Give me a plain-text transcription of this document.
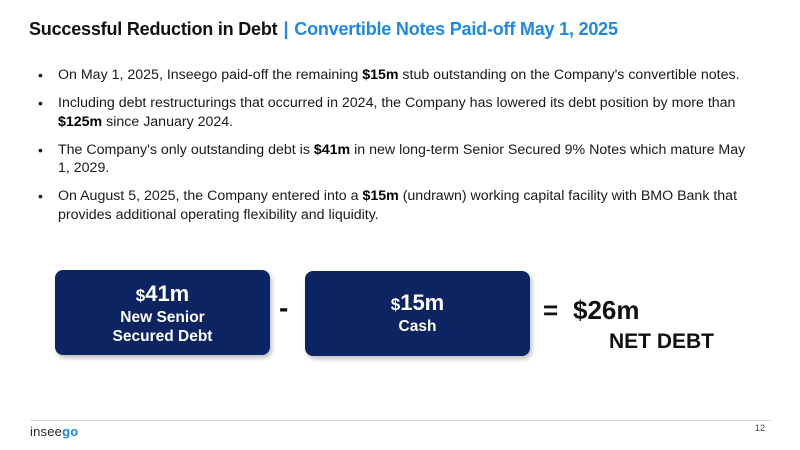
Successful Reduction in Debt | Convertible Notes Paid-off May 1, 2025
• On May 1, 2025, Inseego paid-off the remaining $15m stub outstanding on the Company's convertible notes.
• Including debt restructurings that occurred in 2024, the Company has lowered its debt position by more than $125m since January 2024.
• The Company's only outstanding debt is $41m in new long-term Senior Secured 9% Notes which mature May 1, 2029.
• On August 5, 2025, the Company entered into a $15m (undrawn) working capital facility with BMO Bank that provides additional operating flexibility and liquidity.
$41m
New Senior
Secured Debt
-	$15m
Cash
= $26m
NET DEBT
inseego	12
